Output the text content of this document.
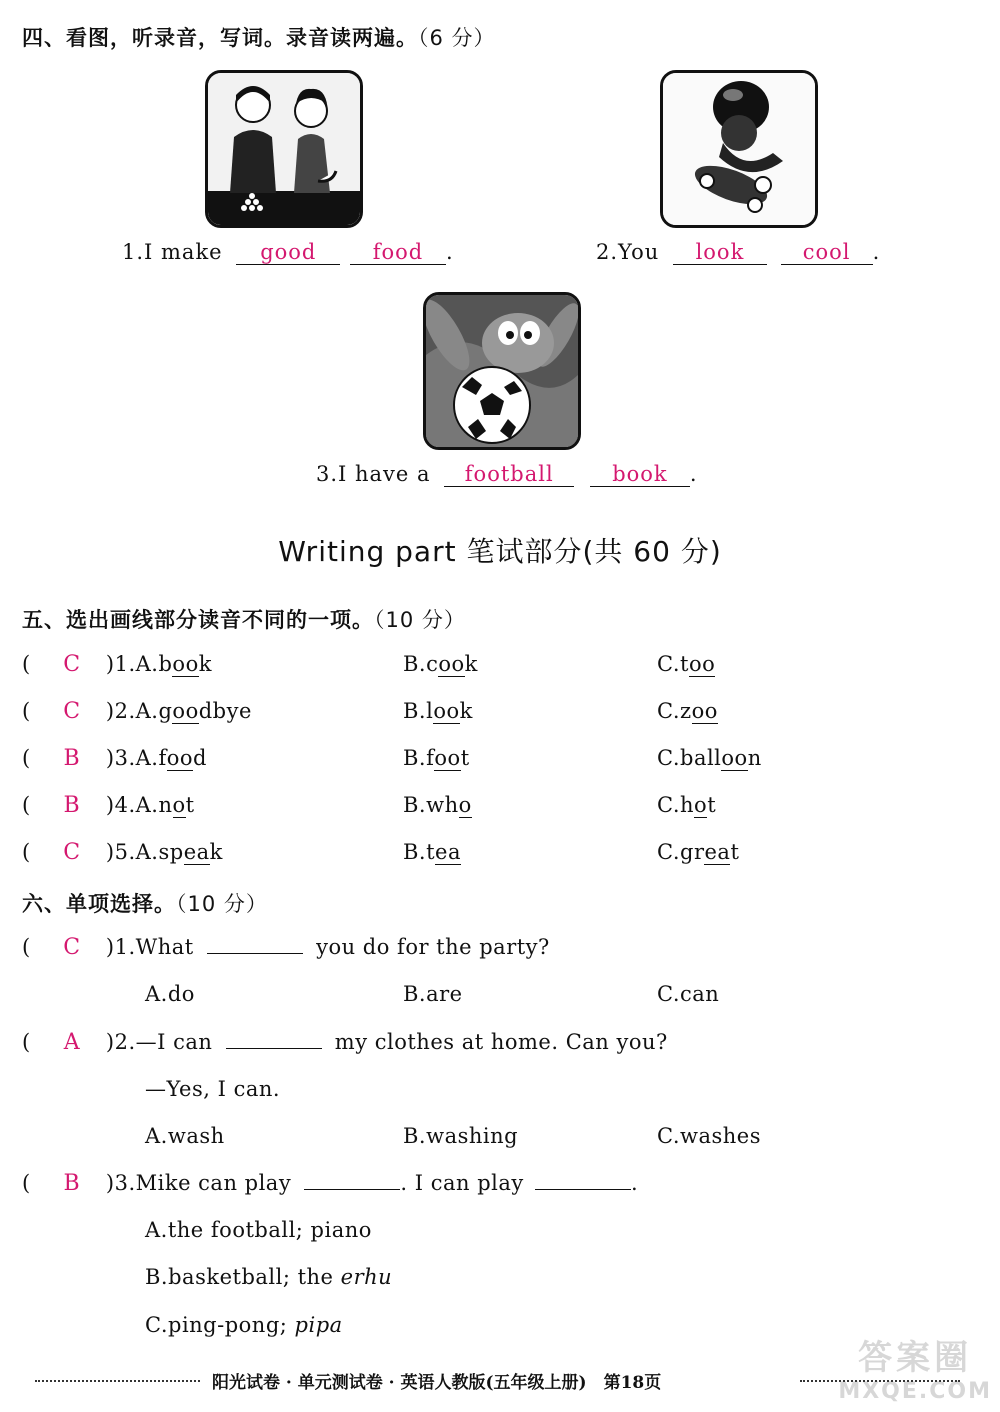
四、看图，听录音，写词。录音读两遍。（6 分）
1.I make good	food .	2.You look	cool .
3.I have a football	book .
Writing part 笔试部分(共 60 分)
五、选出画线部分读音不同的一项。（10 分）
( C )1.A.book	B.cook	C.too
( C )2.A.goodbye	B.look	C.zoo
( B )3.A.food	B.foot	C.balloon
( B )4.A.not	B.who	C.hot
( C )5.A.speak	B.tea	C.great
六、单项选择。（10 分）
( C )1.What	you do for the party?
A.do	B.are	C.can
( A )2.—I can	my clothes at home. Can you?
—Yes, I can.
A.wash	B.washing	C.washes
( B )3.Mike can play	. I can play	.
A.the football; piano
B.basketball; the erhu
C.ping-pong; pipa
答案圈
MXQE.COM
阳光试卷 · 单元测试卷 · 英语人教版(五年级上册)　第18页
